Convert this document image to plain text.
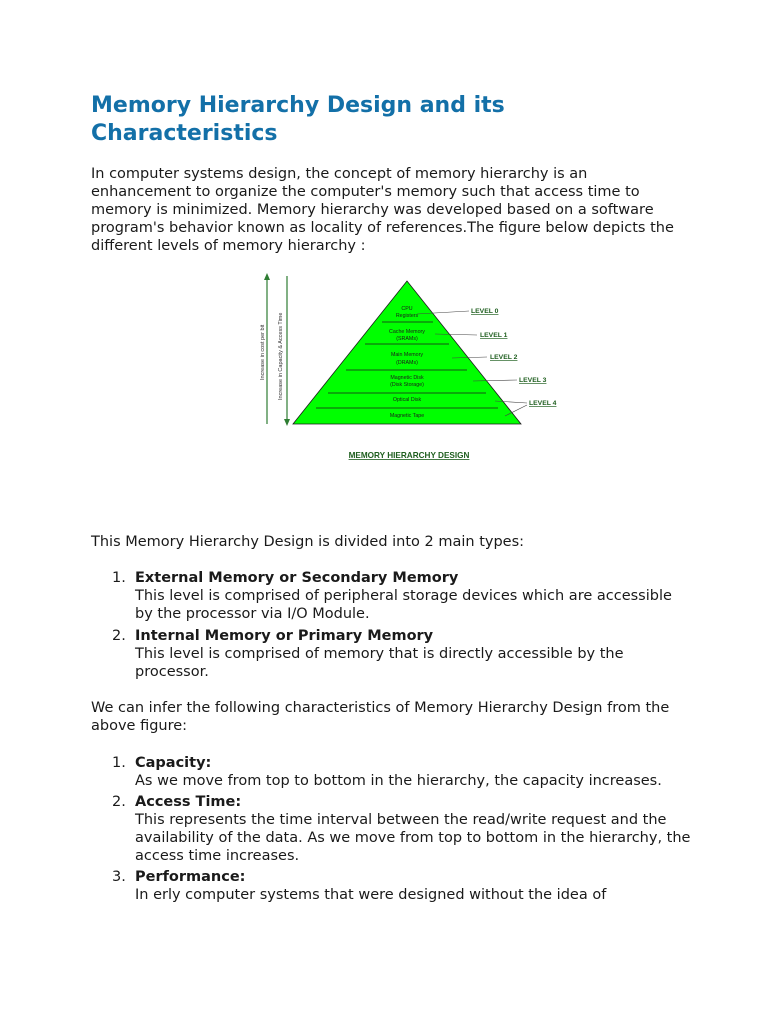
Memory Hierarchy Design and its Characteristics

In computer systems design, the concept of memory hierarchy is an enhancement to organize the computer's memory such that access time to memory is minimized. Memory hierarchy was developed based on a software program's behavior known as locality of references.The figure below depicts the different levels of memory hierarchy :

Increase in cost per bit Increase in Capacity & Access Time
CPU
Registers
Cache Memory
(SRAMs)
Main Memory
(DRAMs)
Magnetic Disk
(Disk Storage)
Optical Disk
Magnetic Tape
LEVEL 0
LEVEL 1
LEVEL 2
LEVEL 3
LEVEL 4
MEMORY HIERARCHY DESIGN

This Memory Hierarchy Design is divided into 2 main types:

1. External Memory or Secondary Memory
This level is comprised of peripheral storage devices which are accessible by the processor via I/O Module.
2. Internal Memory or Primary Memory
This level is comprised of memory that is directly accessible by the processor.

We can infer the following characteristics of Memory Hierarchy Design from the above figure:

1. Capacity:
As we move from top to bottom in the hierarchy, the capacity increases.
2. Access Time:
This represents the time interval between the read/write request and the availability of the data. As we move from top to bottom in the hierarchy, the access time increases.
3. Performance:
In erly computer systems that were designed without the idea of
